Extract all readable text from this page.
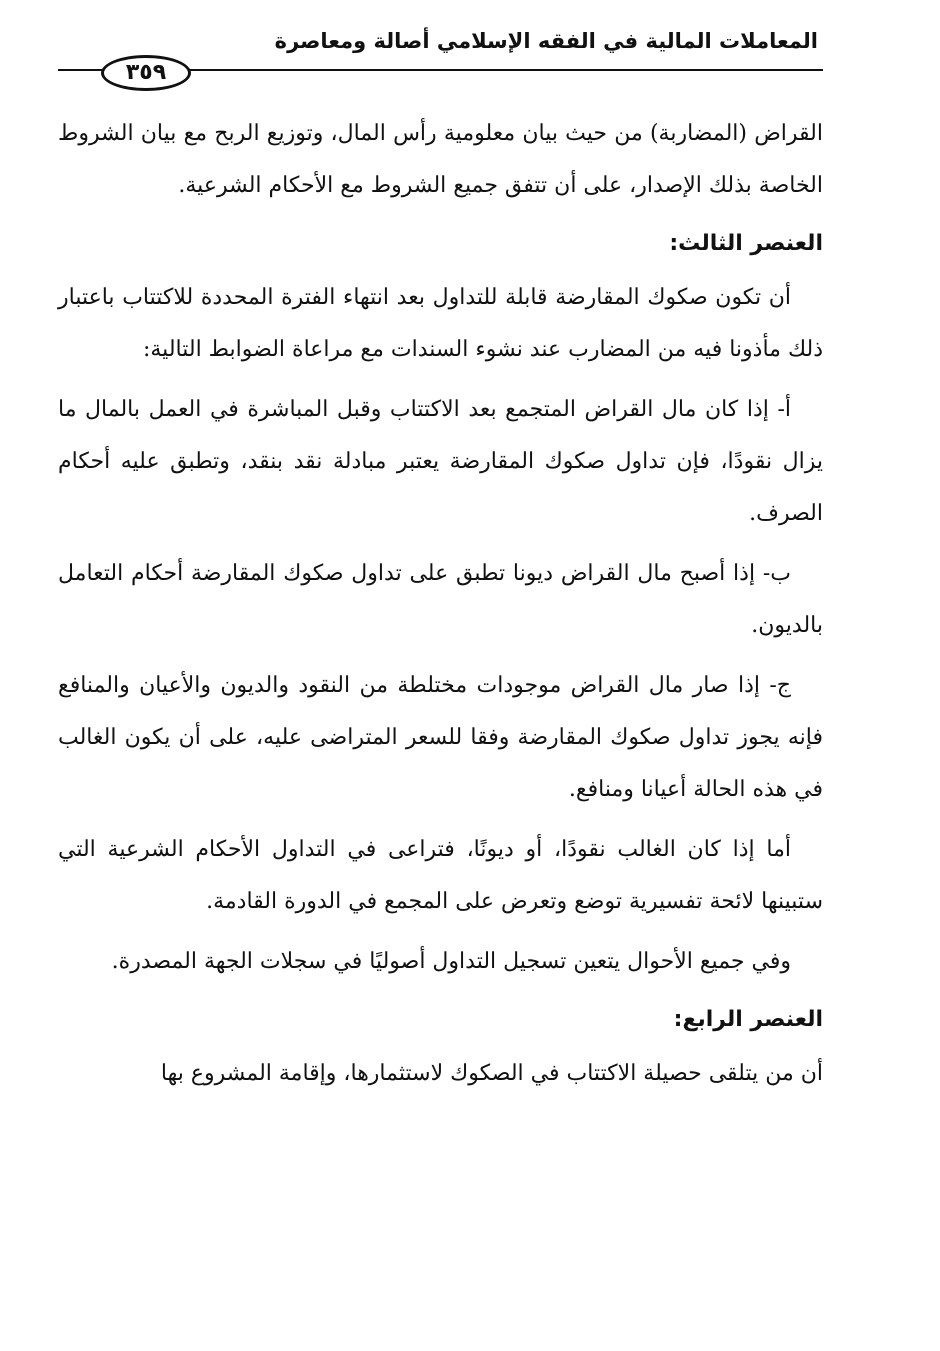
المعاملات المالية في الفقه الإسلامي أصالة ومعاصرة
٣٥٩

القراض (المضاربة) من حيث بيان معلومية رأس المال، وتوزيع الربح مع بيان الشروط الخاصة بذلك الإصدار، على أن تتفق جميع الشروط مع الأحكام الشرعية.

العنصر الثالث:

أن تكون صكوك المقارضة قابلة للتداول بعد انتهاء الفترة المحددة للاكتتاب باعتبار ذلك مأذونا فيه من المضارب عند نشوء السندات مع مراعاة الضوابط التالية:

أ- إذا كان مال القراض المتجمع بعد الاكتتاب وقبل المباشرة في العمل بالمال ما يزال نقودًا، فإن تداول صكوك المقارضة يعتبر مبادلة نقد بنقد، وتطبق عليه أحكام الصرف.

ب- إذا أصبح مال القراض ديونا تطبق على تداول صكوك المقارضة أحكام التعامل بالديون.

ج- إذا صار مال القراض موجودات مختلطة من النقود والديون والأعيان والمنافع فإنه يجوز تداول صكوك المقارضة وفقا للسعر المتراضى عليه، على أن يكون الغالب في هذه الحالة أعيانا ومنافع.

أما إذا كان الغالب نقودًا، أو ديونًا، فتراعى في التداول الأحكام الشرعية التي ستبينها لائحة تفسيرية توضع وتعرض على المجمع في الدورة القادمة.

وفي جميع الأحوال يتعين تسجيل التداول أصوليًا في سجلات الجهة المصدرة.

العنصر الرابع:

أن من يتلقى حصيلة الاكتتاب في الصكوك لاستثمارها، وإقامة المشروع بها
